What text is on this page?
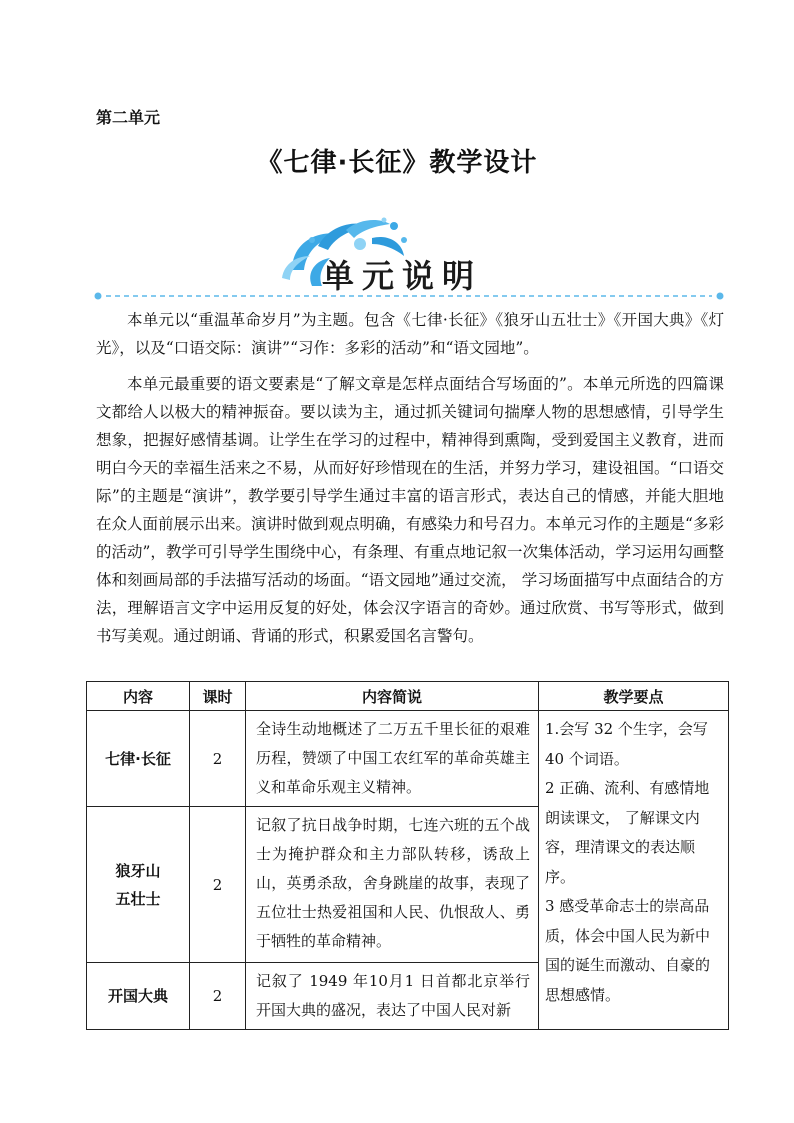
第二单元
《七律·长征》教学设计
单元说明

本单元以“重温革命岁月”为主题。包含《七律·长征》《狼牙山五壮士》《开国大典》《灯光》，以及“口语交际：演讲”“习作：多彩的活动”和“语文园地”。

本单元最重要的语文要素是“了解文章是怎样点面结合写场面的”。本单元所选的四篇课文都给人以极大的精神振奋。要以读为主，通过抓关键词句揣摩人物的思想感情，引导学生想象，把握好感情基调。让学生在学习的过程中，精神得到熏陶，受到爱国主义教育，进而明白今天的幸福生活来之不易，从而好好珍惜现在的生活，并努力学习，建设祖国。“口语交际”的主题是“演讲”，教学要引导学生通过丰富的语言形式，表达自己的情感，并能大胆地在众人面前展示出来。演讲时做到观点明确，有感染力和号召力。本单元习作的主题是“多彩的活动”，教学可引导学生围绕中心，有条理、有重点地记叙一次集体活动，学习运用勾画整体和刻画局部的手法描写活动的场面。“语文园地”通过交流， 学习场面描写中点面结合的方法，理解语言文字中运用反复的好处，体会汉字语言的奇妙。通过欣赏、书写等形式，做到书写美观。通过朗诵、背诵的形式，积累爱国名言警句。

内容	课时	内容简说	教学要点
七律·长征	2	全诗生动地概述了二万五千里长征的艰难历程，赞颂了中国工农红军的革命英雄主义和革命乐观主义精神。	1.会写 32 个生字，会写 40 个词语。
2 正确、流利、有感情地朗读课文， 了解课文内容，理清课文的表达顺序。
3 感受革命志士的崇高品质，体会中国人民为新中国的诞生而激动、自豪的思想感情。

狼牙山
五壮士	2	记叙了抗日战争时期，七连六班的五个战士为掩护群众和主力部队转移，诱敌上山，英勇杀敌，舍身跳崖的故事，表现了五位壮士热爱祖国和人民、仇恨敌人、勇于牺牲的革命精神。	
开国大典	2	记叙了 1949 年10月1 日首都北京举行开国大典的盛况，表达了中国人民对新	
